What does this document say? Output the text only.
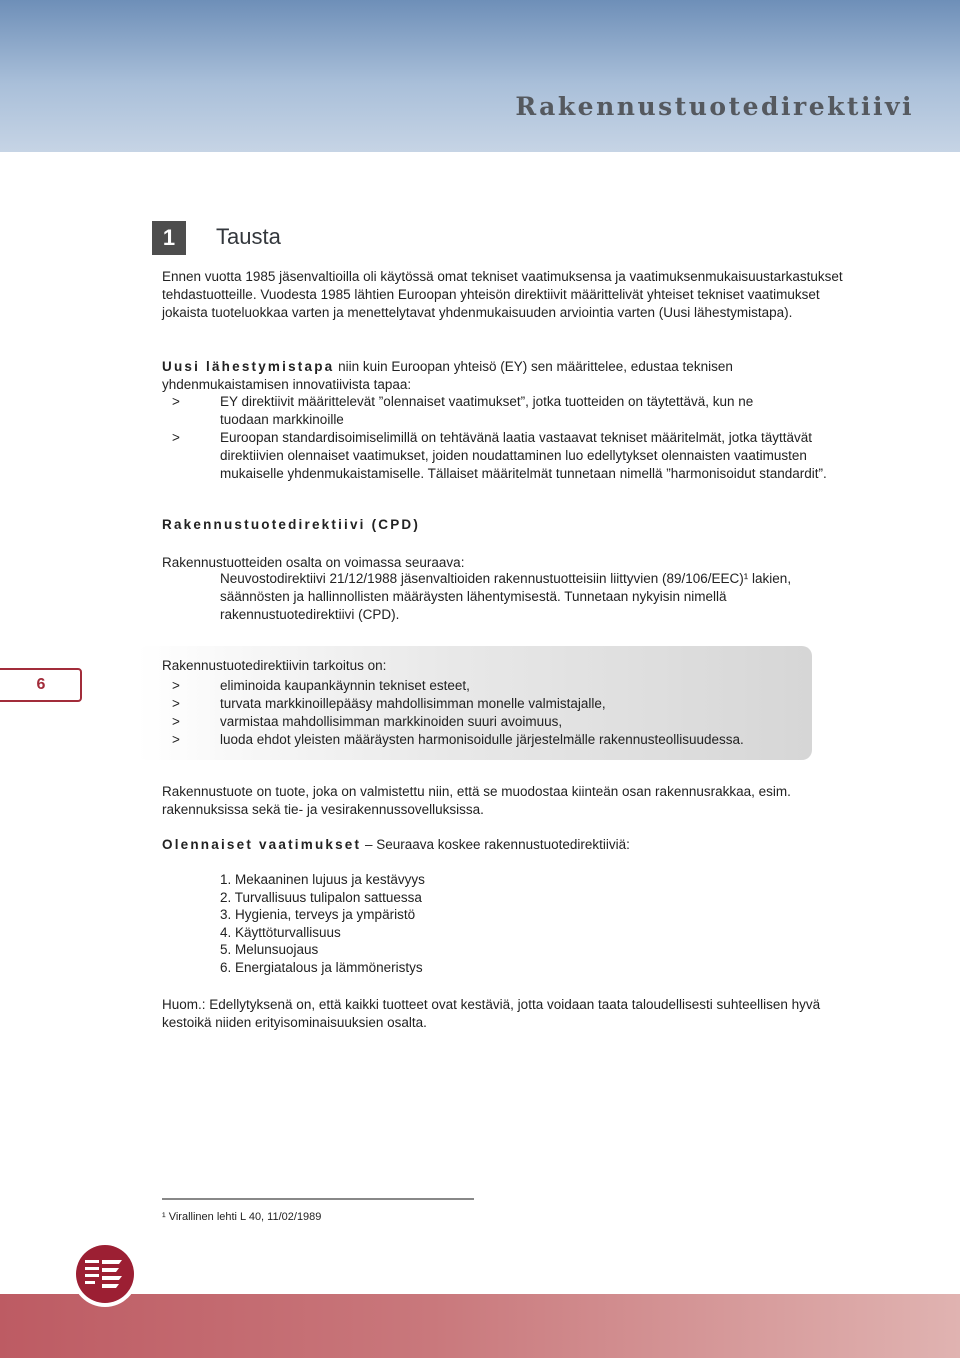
Rakennustuotedirektiivi
1	Tausta

Ennen vuotta 1985 jäsenvaltioilla oli käytössä omat tekniset vaatimuksensa ja vaatimuksenmukaisuustarkastukset tehdastuotteille. Vuodesta 1985 lähtien Euroopan yhteisön direktiivit määrittelivät yhteiset tekniset vaatimukset jokaista tuoteluokkaa varten ja menettelytavat yhdenmukaisuuden arviointia varten (Uusi lähestymistapa).

Uusi lähestymistapa niin kuin Euroopan yhteisö (EY) sen määrittelee, edustaa teknisen yhdenmukaistamisen innovatiivista tapaa:

>	EY direktiivit määrittelevät ”olennaiset vaatimukset”, jotka tuotteiden on täytettävä, kun ne tuodaan markkinoille
>	Euroopan standardisoimiselimillä on tehtävänä laatia vastaavat tekniset määritelmät, jotka täyttävät direktiivien olennaiset vaatimukset, joiden noudattaminen luo edellytykset olennaisten vaatimusten mukaiselle yhdenmukaistamiselle. Tällaiset määritelmät tunnetaan nimellä ”harmonisoidut standardit”.
Rakennustuotedirektiivi (CPD)

Rakennustuotteiden osalta on voimassa seuraava:

Neuvostodirektiivi 21/12/1988 jäsenvaltioiden rakennustuotteisiin liittyvien (89/106/EEC)¹ lakien, säännösten ja hallinnollisten määräysten lähentymisestä. Tunnetaan nykyisin nimellä rakennustuotedirektiivi (CPD).

6

Rakennustuotedirektiivin tarkoitus on:

>	eliminoida kaupankäynnin tekniset esteet,
>	turvata markkinoillepääsy mahdollisimman monelle valmistajalle,
>	varmistaa mahdollisimman markkinoiden suuri avoimuus,
>	luoda ehdot yleisten määräysten harmonisoidulle järjestelmälle rakennusteollisuudessa.

Rakennustuote on tuote, joka on valmistettu niin, että se muodostaa kiinteän osan rakennusrakkaa, esim. rakennuksissa sekä tie- ja vesirakennussovelluksissa.

Olennaiset vaatimukset – Seuraava koskee rakennustuotedirektiiviä:

1. Mekaaninen lujuus ja kestävyys
2. Turvallisuus tulipalon sattuessa
3. Hygienia, terveys ja ympäristö
4. Käyttöturvallisuus
5. Melunsuojaus
6. Energiatalous ja lämmöneristys

Huom.: Edellytyksenä on, että kaikki tuotteet ovat kestäviä, jotta voidaan taata taloudellisesti suhteellisen hyvä kestoikä niiden erityisominaisuuksien osalta.

¹ Virallinen lehti L 40, 11/02/1989
